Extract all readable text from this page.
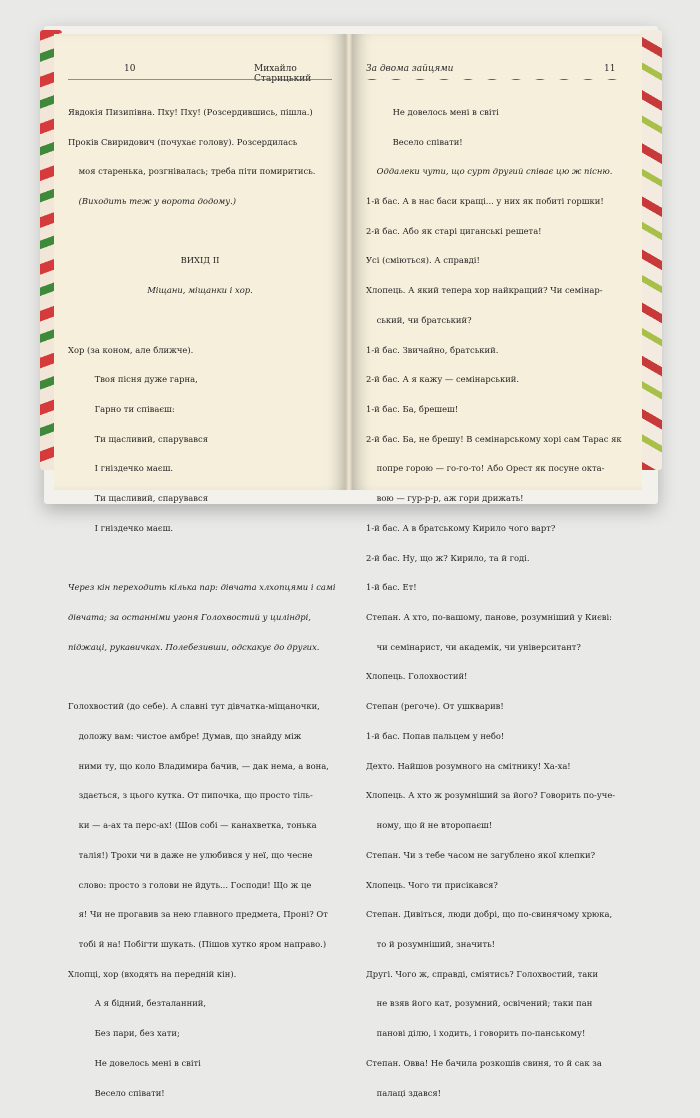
10	Михайло Старицький

Явдокія Пизипівна. Пху! Пху! (Розсердившись, пішла.)

Проків Свиридович (почухає голову). Розсердилась

моя старенька, розгнівалась; треба піти помиритись.

(Виходить теж у ворота додому.)

ВИХІД II

Міщани, міщанки і хор.

Хор (за коном, але ближче).

Твоя пісня дуже гарна,

Гарно ти співаєш:

Ти щасливий, спарувався

І гніздечко маєш.

Ти щасливий, спарувався

І гніздечко маєш.

Через кін переходить кілька пар: дівчата хлхопцями і самі

дівчата; за останніми угоня Голохвостий у циліндрі,

піджаці, рукавичках. Полебезивши, одскакує до других.

Голохвостий (до себе). А славні тут дівчатка-міщаночки,

доложу вам: чистое амбре! Думав, що знайду між

ними ту, що коло Владимира бачив, — дак нема, а вона,

здається, з цього кутка. От пипочка, що просто тіль-

ки — а-ах та перс-ах! (Шов собі — канахветка, тонька

талія!) Трохи чи в даже не улюбився у неї, що чесне

слово: просто з голови не йдуть... Господи! Що ж це

я! Чи не прогавив за нею главного предмета, Проні? От

тобі й на! Побігти шукать. (Пішов хутко яром направо.)

Хлопці, хор (входять на передній кін).

А я бідний, безталанний,

Без пари, без хати;

Не довелось мені в світі

Весело співати!

За двома зайцями	11

Не довелось мені в світі

Весело співати!

Оддалеки чути, що сурт другий співає цю ж пісню.

1-й бас. А в нас баси кращі... у них як побиті горшки!

2-й бас. Або як старі циганські решета!

Усі (сміються). А справді!

Хлопець. А який тепера хор найкращий? Чи семінар-

ський, чи братський?

1-й бас. Звичайно, братський.

2-й бас. А я кажу — семінарський.

1-й бас. Ба, брешеш!

2-й бас. Ба, не брешу! В семінарському хорі сам Тарас як

попре горою — го-го-то! Або Орест як посуне окта-

вою — гур-р-р, аж гори дрижать!

1-й бас. А в братському Кирило чого варт?

2-й бас. Ну, що ж? Кирило, та й годі.

1-й бас. Ет!

Степан. А хто, по-вашому, панове, розумніший у Києві:

чи семінарист, чи академік, чи університант?

Хлопець. Голохвостий!

Степан (регоче). От ушкварив!

1-й бас. Попав пальцем у небо!

Дехто. Найшов розумного на смітнику! Ха-ха!

Хлопець. А хто ж розумніший за його? Говорить по-уче-

ному, що й не второпаєш!

Степан. Чи з тебе часом не загублено якої клепки?

Хлопець. Чого ти присікався?

Степан. Дивіться, люди добрі, що по-свинячому хрюка,

то й розумніший, значить!

Другі. Чого ж, справді, сміятись? Голохвостий, таки

не взяв його кат, розумний, освічений; таки пан

панові ділю, і ходить, і говорить по-панському!

Степан. Овва! Не бачила розкошів свиня, то й сак за

палаці здався!
